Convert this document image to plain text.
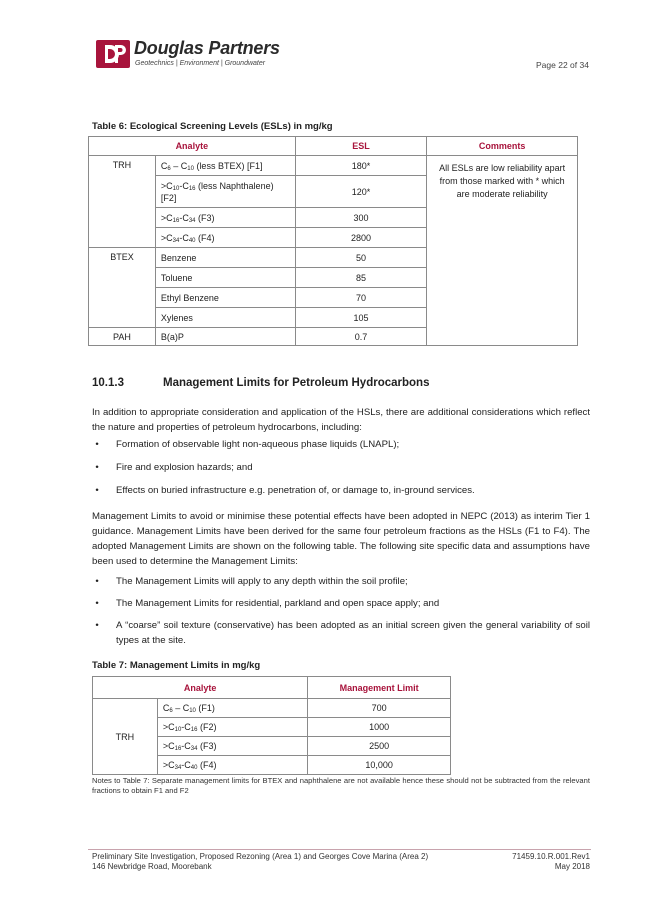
Douglas Partners
Geotechnics | Environment | Groundwater	Page 22 of 34
Table 6: Ecological Screening Levels (ESLs) in mg/kg
Analyte		ESL	Comments
TRH	$C_6 - C_{10}$ (less BTEX) [F1]	180*	All ESLs are low reliability apart from those marked with * which are moderate reliability
	$>C_{10}-C_{16}$ (less Naphthalene) [F2]	120*	
	$>C_{16}-C_{34}$ (F3)	300	
	$>C_{34}-C_{40}$ (F4)	2800	
BTEX	Benzene	50	
	Toluene	85	
	Ethyl Benzene	70	
	Xylenes	105	
PAH	B(a)P	0.7	
10.1.3	Management Limits for Petroleum Hydrocarbons
In addition to appropriate consideration and application of the HSLs, there are additional considerations which reflect the nature and properties of petroleum hydrocarbons, including:
•	Formation of observable light non-aqueous phase liquids (LNAPL);
•	Fire and explosion hazards; and
•	Effects on buried infrastructure e.g. penetration of, or damage to, in-ground services.
Management Limits to avoid or minimise these potential effects have been adopted in NEPC (2013) as interim Tier 1 guidance. Management Limits have been derived for the same four petroleum fractions as the HSLs (F1 to F4). The adopted Management Limits are shown on the following table. The following site specific data and assumptions have been used to determine the Management Limits:
•	The Management Limits will apply to any depth within the soil profile;
•	The Management Limits for residential, parkland and open space apply; and
•	A “coarse” soil texture (conservative) has been adopted as an initial screen given the general variability of soil types at the site.
Table 7: Management Limits in mg/kg
Analyte		Management Limit
TRH	$C_6 - C_{10}$ (F1)	700
	$>C_{10}-C_{16}$ (F2)	1000
	$>C_{16}-C_{34}$ (F3)	2500
	$>C_{34}-C_{40}$ (F4)	10,000
Notes to Table 7: Separate management limits for BTEX and naphthalene are not available hence these should not be subtracted from the relevant fractions to obtain F1 and F2
Preliminary Site Investigation, Proposed Rezoning (Area 1) and Georges Cove Marina (Area 2)
146 Newbridge Road, Moorebank
71459.10.R.001.Rev1
May 2018
